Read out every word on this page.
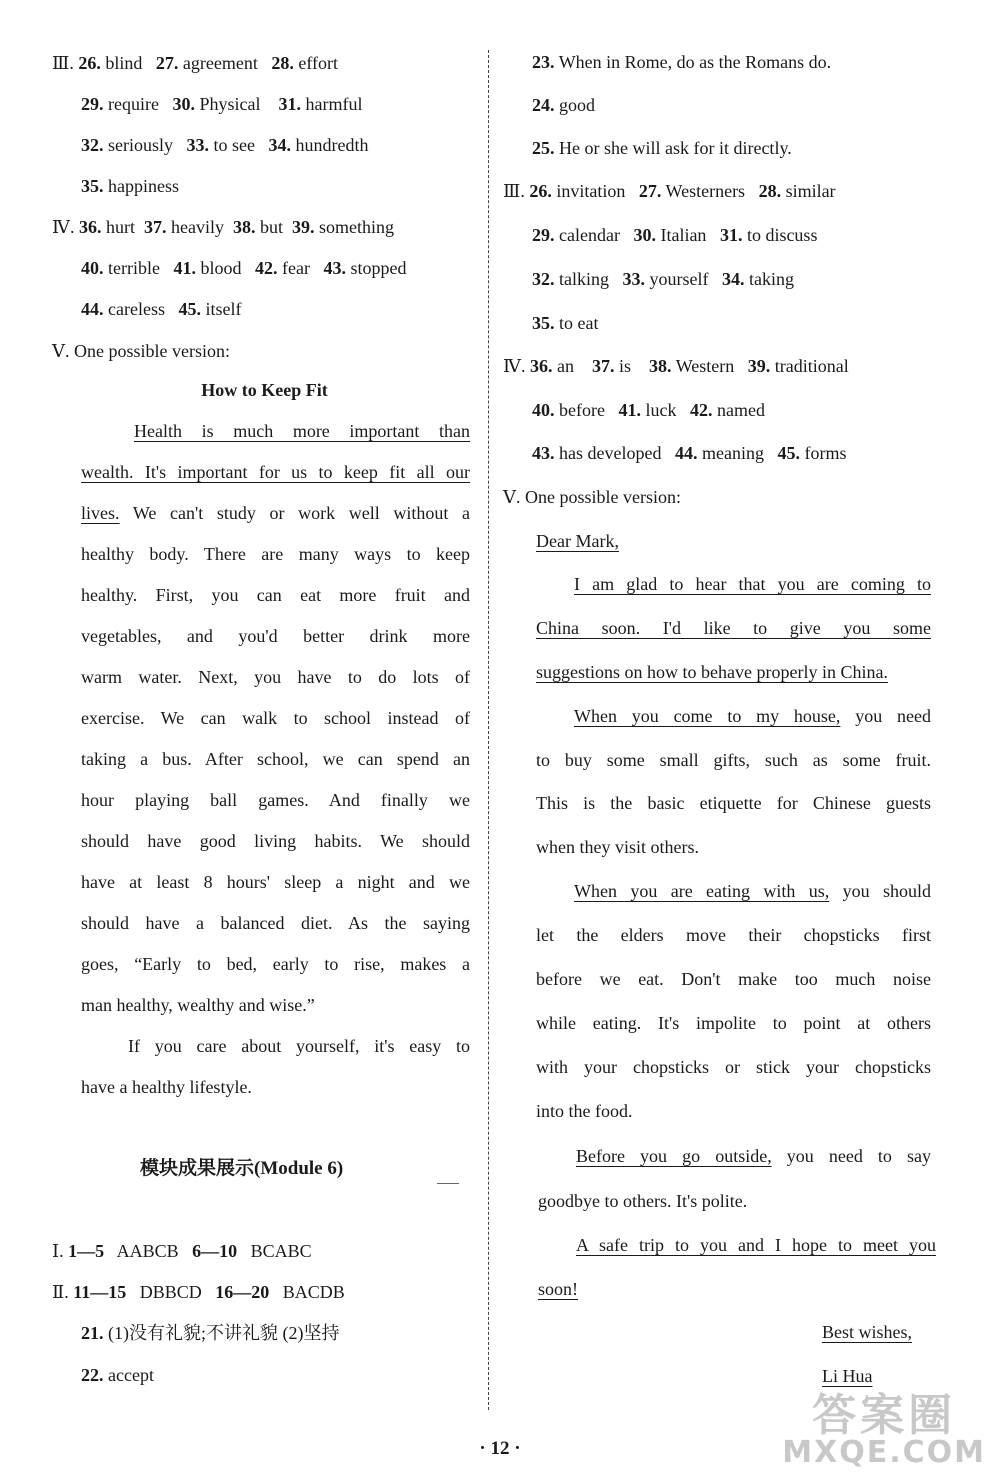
Ⅲ. 26. blind 27. agreement 28. effort
29. require 30. Physical 31. harmful
32. seriously 33. to see 34. hundredth
35. happiness
Ⅳ. 36. hurt 37. heavily 38. but 39. something
40. terrible 41. blood 42. fear 43. stopped
44. careless 45. itself
Ⅴ. One possible version:
How to Keep Fit
Health is much more important than
wealth. It's important for us to keep fit all our
lives. We can't study or work well without a
healthy body. There are many ways to keep
healthy. First, you can eat more fruit and
vegetables, and you'd better drink more
warm water. Next, you have to do lots of
exercise. We can walk to school instead of
taking a bus. After school, we can spend an
hour playing ball games. And finally we
should have good living habits. We should
have at least 8 hours' sleep a night and we
should have a balanced diet. As the saying
goes, “Early to bed, early to rise, makes a
man healthy, wealthy and wise.”
If you care about yourself, it's easy to
have a healthy lifestyle.
模块成果展示(Module 6)
Ⅰ. 1—5 AABCB 6—10 BCABC
Ⅱ. 11—15 DBBCD 16—20 BACDB
21. (1)没有礼貌;不讲礼貌 (2)坚持
22. accept
23. When in Rome, do as the Romans do.
24. good
25. He or she will ask for it directly.
Ⅲ. 26. invitation 27. Westerners 28. similar
29. calendar 30. Italian 31. to discuss
32. talking 33. yourself 34. taking
35. to eat
Ⅳ. 36. an 37. is 38. Western 39. traditional
40. before 41. luck 42. named
43. has developed 44. meaning 45. forms
Ⅴ. One possible version:
Dear Mark,
I am glad to hear that you are coming to
China soon. I'd like to give you some
suggestions on how to behave properly in China.
When you come to my house, you need
to buy some small gifts, such as some fruit.
This is the basic etiquette for Chinese guests
when they visit others.
When you are eating with us, you should
let the elders move their chopsticks first
before we eat. Don't make too much noise
while eating. It's impolite to point at others
with your chopsticks or stick your chopsticks
into the food.
Before you go outside, you need to say
goodbye to others. It's polite.
A safe trip to you and I hope to meet you
soon!
Best wishes,
Li Hua
· 12 ·
答案圈
MXQE.COM
